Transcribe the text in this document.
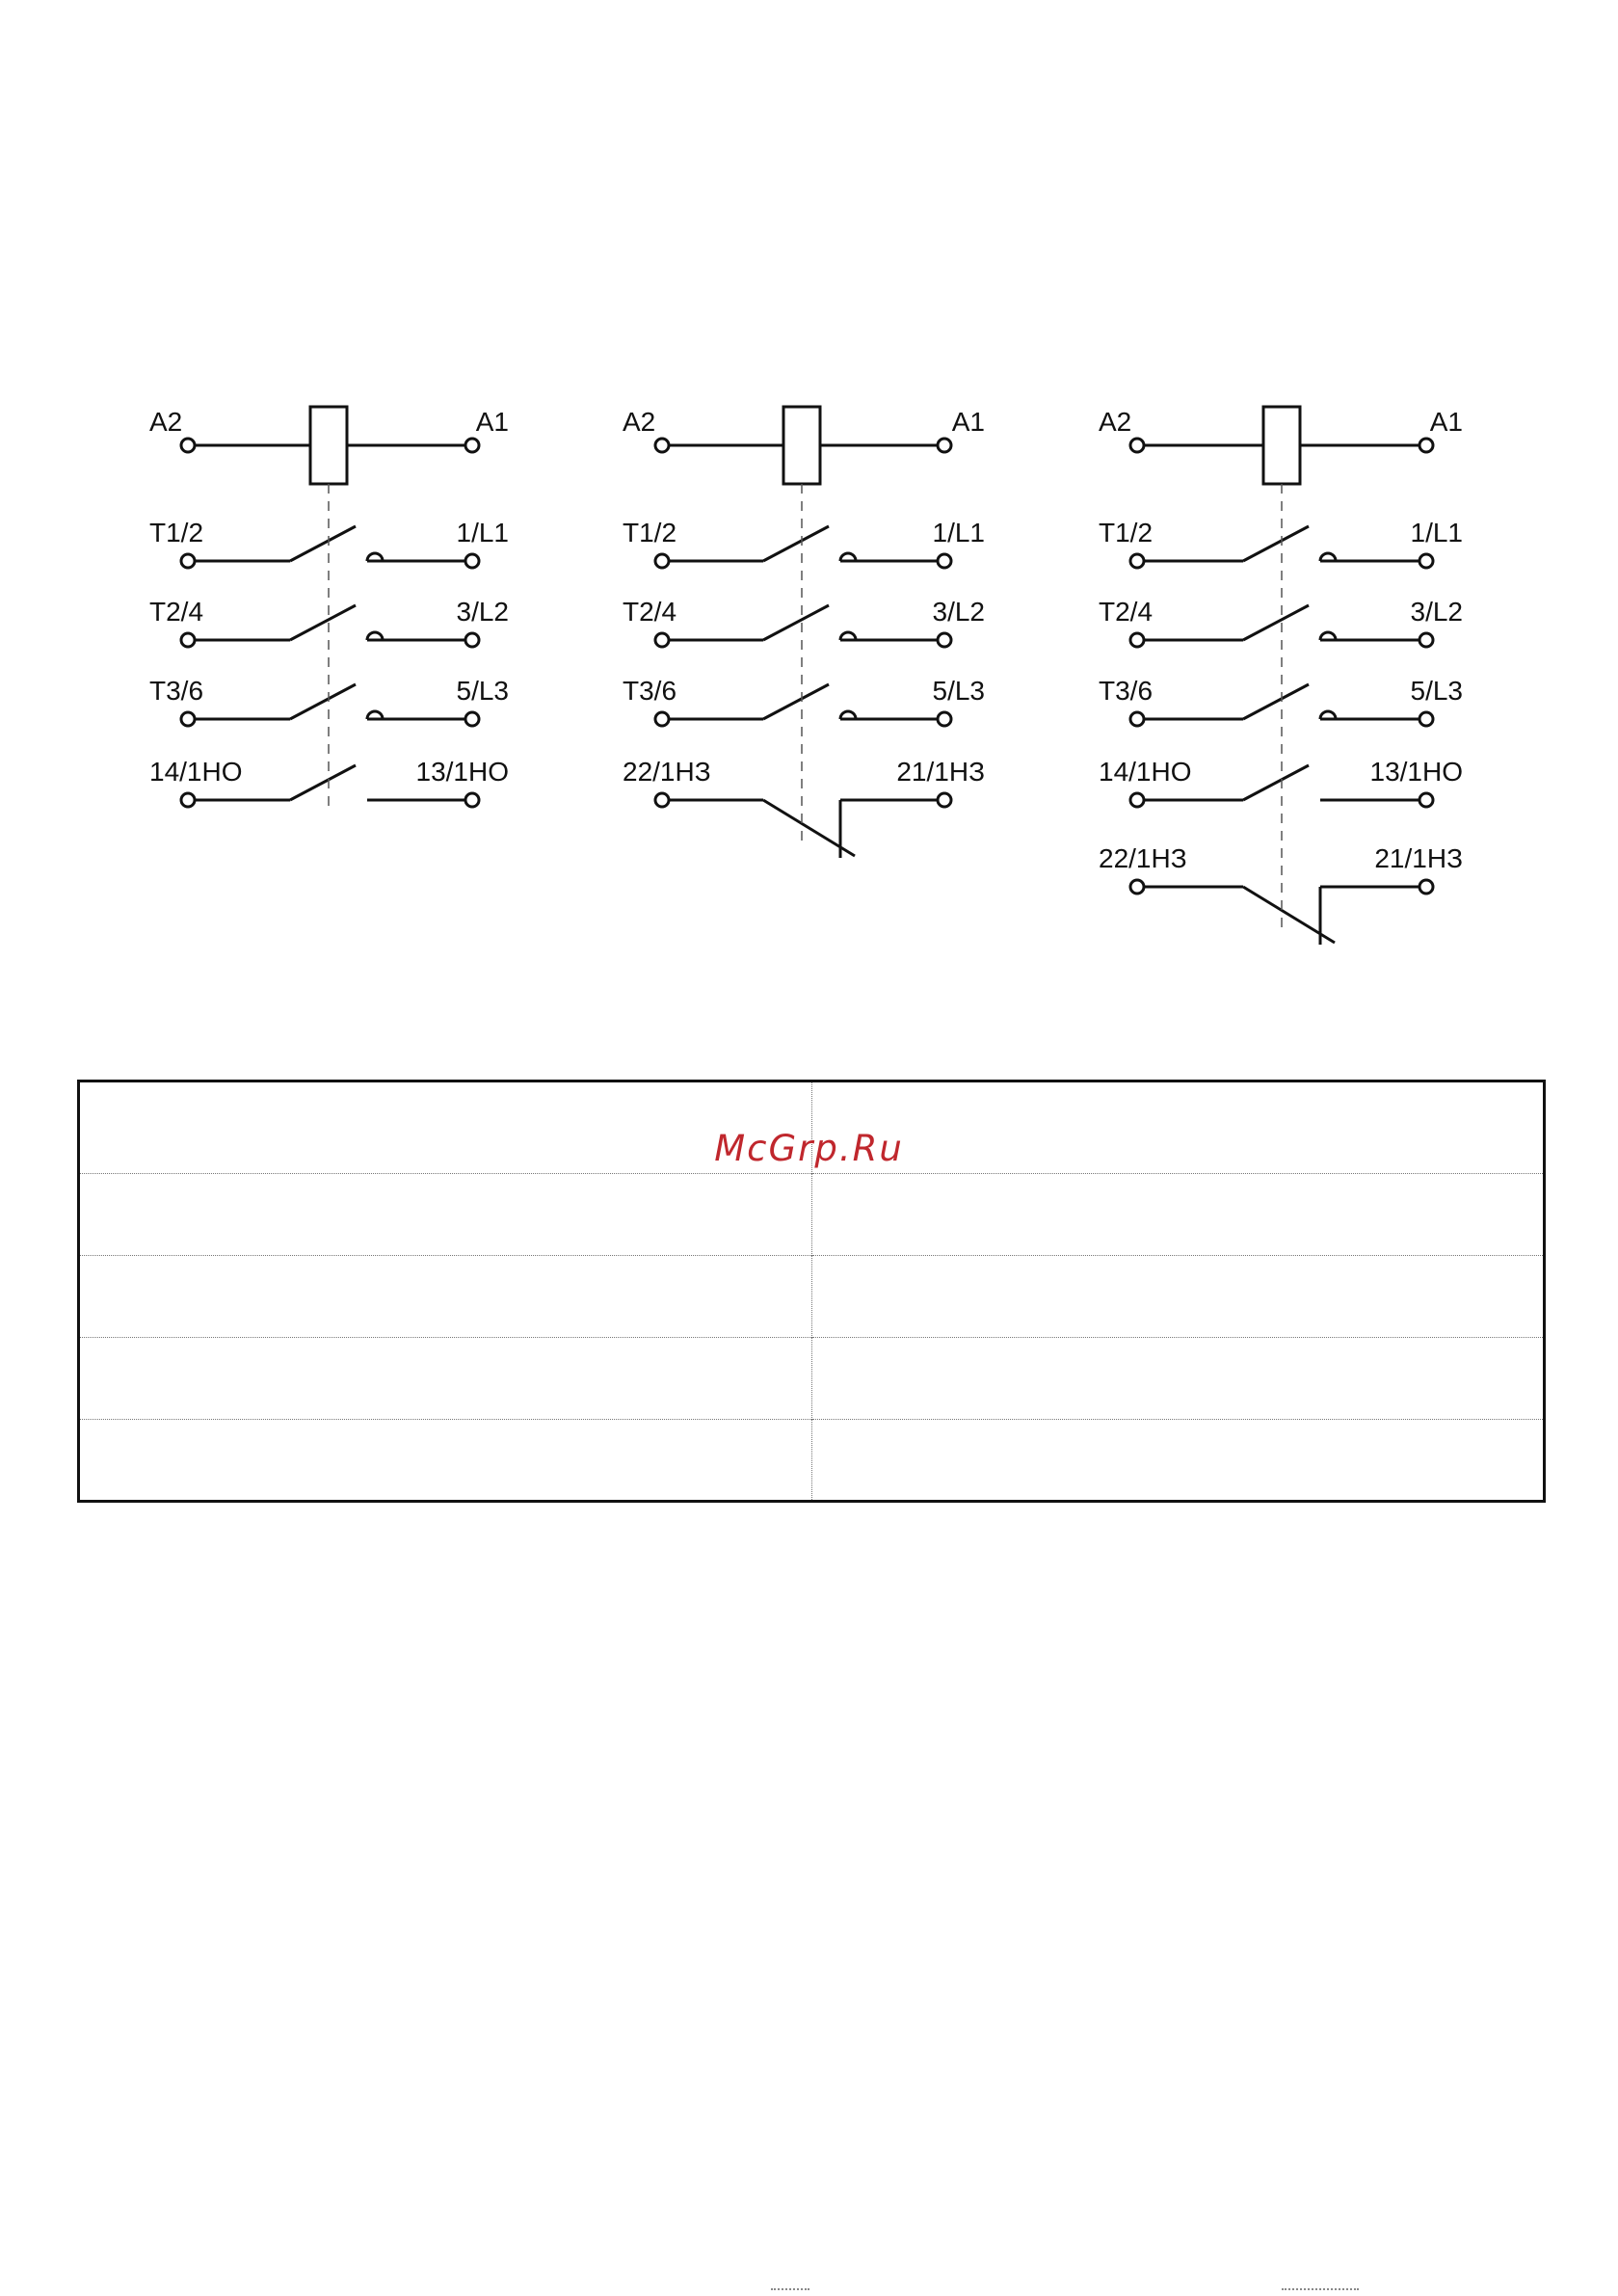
A2	A1
T1/2	1/L1
T2/4	3/L2
T3/6	5/L3
14/1НО	13/1НО
A2	A1
T1/2	1/L1
T2/4	3/L2
T3/6	5/L3
22/1НЗ	21/1НЗ
A2	A1
T1/2	1/L1
T2/4	3/L2
T3/6	5/L3
14/1НО	13/1НО
22/1НЗ	21/1НЗ

McGrp.Ru
